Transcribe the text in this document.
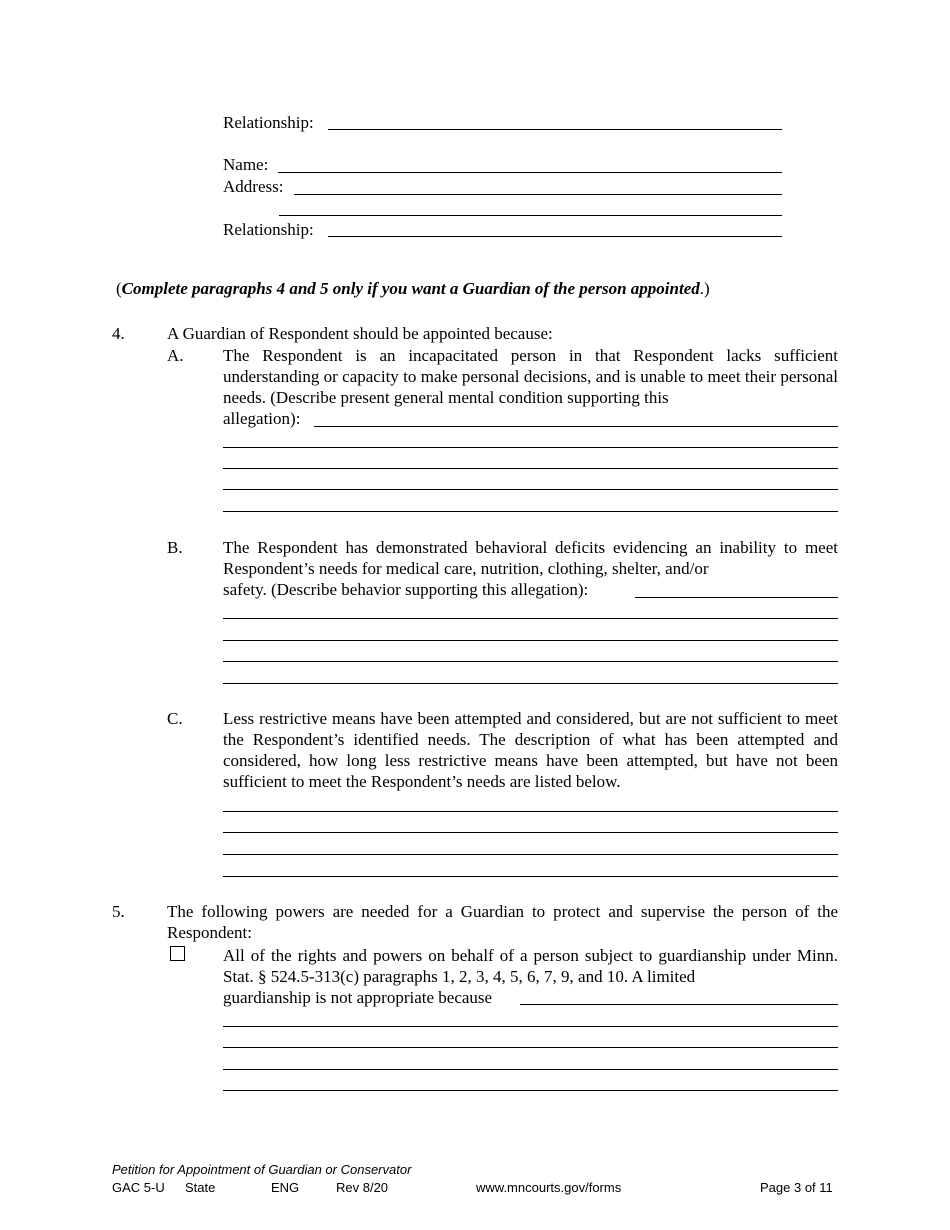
Relationship:
Name:
Address:
Relationship:
(Complete paragraphs 4 and 5 only if you want a Guardian of the person appointed.)
4. A Guardian of Respondent should be appointed because:
A. The Respondent is an incapacitated person in that Respondent lacks sufficient understanding or capacity to make personal decisions, and is unable to meet their personal needs. (Describe present general mental condition supporting this
allegation):
B. The Respondent has demonstrated behavioral deficits evidencing an inability to meet Respondent’s needs for medical care, nutrition, clothing, shelter, and/or
safety. (Describe behavior supporting this allegation):
C. Less restrictive means have been attempted and considered, but are not sufficient to meet the Respondent’s identified needs. The description of what has been attempted and considered, how long less restrictive means have been attempted, but have not been sufficient to meet the Respondent’s needs are listed below.
5. The following powers are needed for a Guardian to protect and supervise the person of the Respondent:
All of the rights and powers on behalf of a person subject to guardianship under Minn. Stat. § 524.5-313(c) paragraphs 1, 2, 3, 4, 5, 6, 7, 9, and 10. A limited
guardianship is not appropriate because
Petition for Appointment of Guardian or Conservator
GAC 5-U State	ENG	Rev 8/20	www.mncourts.gov/forms	Page 3 of 11
